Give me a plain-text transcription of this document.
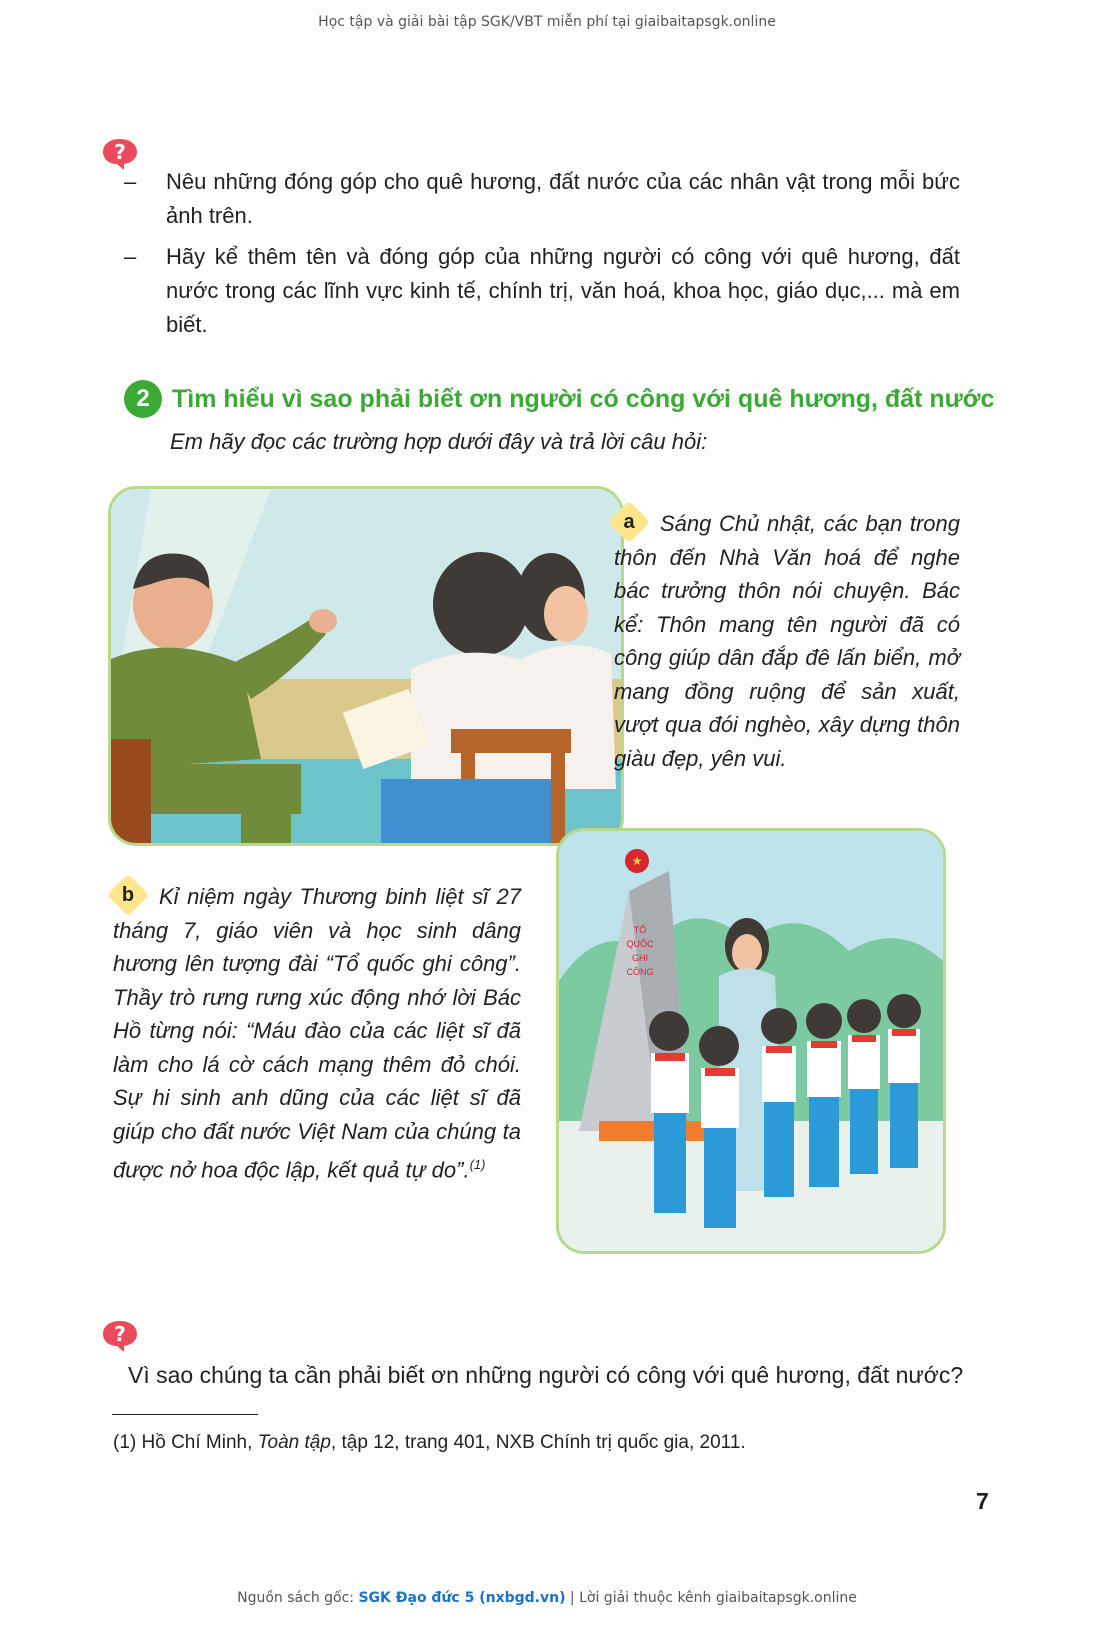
Học tập và giải bài tập SGK/VBT miễn phí tại giaibaitapsgk.online
?
– Nêu những đóng góp cho quê hương, đất nước của các nhân vật trong mỗi bức ảnh trên.
– Hãy kể thêm tên và đóng góp của những người có công với quê hương, đất nước trong các lĩnh vực kinh tế, chính trị, văn hoá, khoa học, giáo dục,... mà em biết.
2 Tìm hiểu vì sao phải biết ơn người có công với quê hương, đất nước
Em hãy đọc các trường hợp dưới đây và trả lời câu hỏi:
a	Sáng Chủ nhật, các bạn trong thôn đến Nhà Văn hoá để nghe bác trưởng thôn nói chuyện. Bác kể: Thôn mang tên người đã có công giúp dân đắp đê lấn biển, mở mang đồng ruộng để sản xuất, vượt qua đói nghèo, xây dựng thôn giàu đẹp, yên vui.
★
TỔ
QUỐC
GHI
CÔNG
b	Kỉ niệm ngày Thương binh liệt sĩ 27 tháng 7, giáo viên và học sinh dâng hương lên tượng đài “Tổ quốc ghi công”. Thầy trò rưng rưng xúc động nhớ lời Bác Hồ từng nói: “Máu đào của các liệt sĩ đã làm cho lá cờ cách mạng thêm đỏ chói. Sự hi sinh anh dũng của các liệt sĩ đã giúp cho đất nước Việt Nam của chúng ta được nở hoa độc lập, kết quả tự do”.$^{(1)}$
?
Vì sao chúng ta cần phải biết ơn những người có công với quê hương, đất nước?
(1) Hồ Chí Minh, Toàn tập, tập 12, trang 401, NXB Chính trị quốc gia, 2011.
7
Nguồn sách gốc: SGK Đạo đức 5 (nxbgd.vn) | Lời giải thuộc kênh giaibaitapsgk.online
